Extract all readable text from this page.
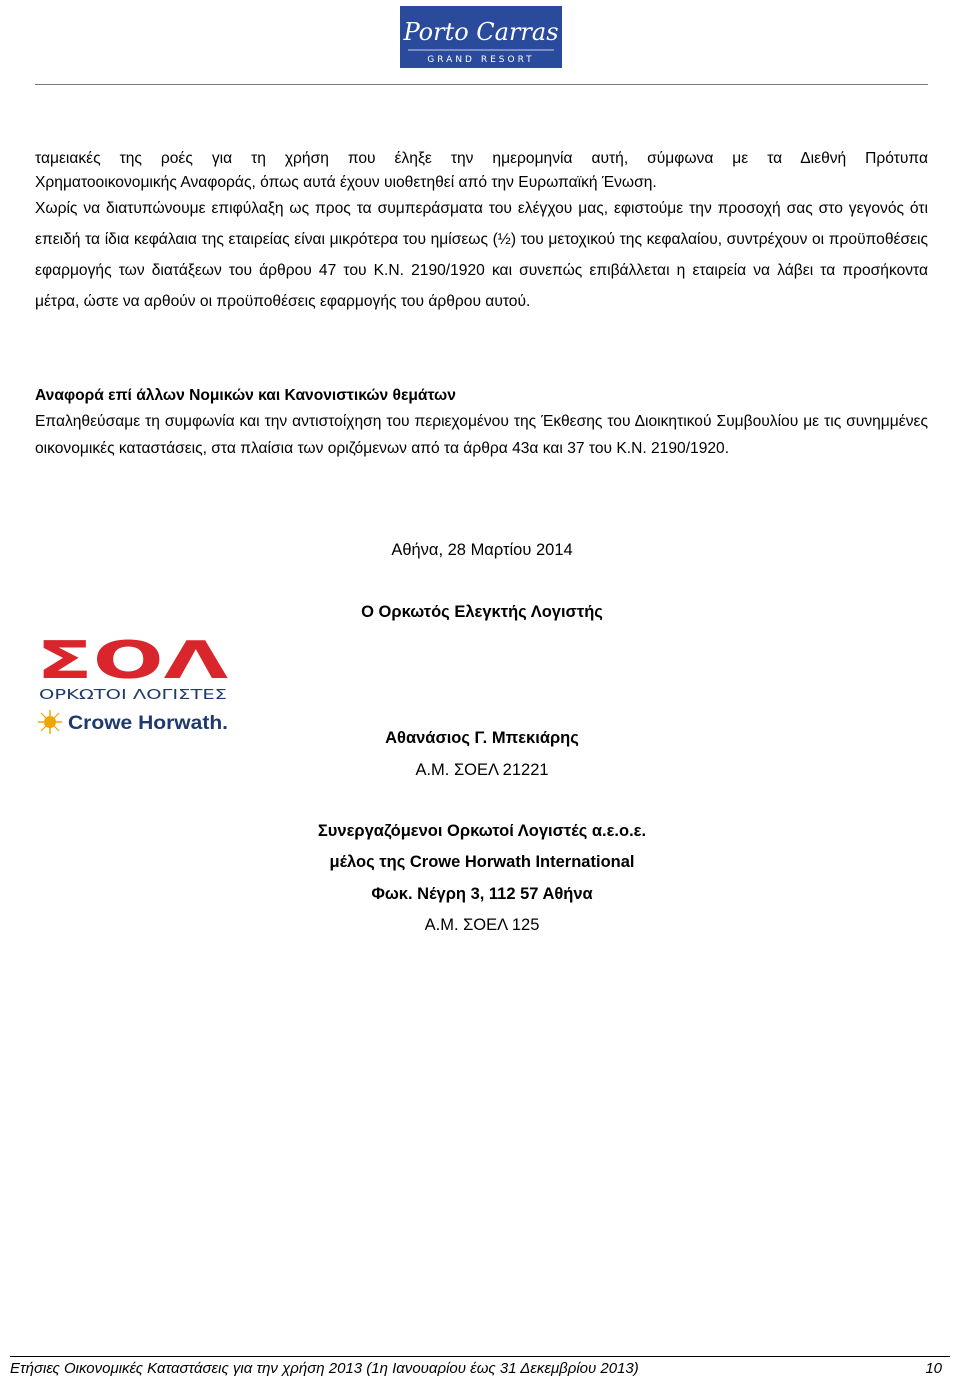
Porto Carras
GRAND RESORT
ταμειακές της ροές για τη χρήση που έληξε την ημερομηνία αυτή, σύμφωνα με τα Διεθνή Πρότυπα
Χρηματοοικονομικής Αναφοράς, όπως αυτά έχουν υιοθετηθεί από την Ευρωπαϊκή Ένωση.

Χωρίς να διατυπώνουμε επιφύλαξη ως προς τα συμπεράσματα του ελέγχου μας, εφιστούμε την προσοχή σας στο γεγονός ότι επειδή τα ίδια κεφάλαια της εταιρείας είναι μικρότερα του ημίσεως (½) του μετοχικού της κεφαλαίου, συντρέχουν οι προϋποθέσεις εφαρμογής των διατάξεων του άρθρου 47 του Κ.Ν. 2190/1920 και συνεπώς επιβάλλεται η εταιρεία να λάβει τα προσήκοντα μέτρα, ώστε να αρθούν οι προϋποθέσεις εφαρμογής του άρθρου αυτού.

Αναφορά επί άλλων Νομικών και Κανονιστικών θεμάτων

Επαληθεύσαμε τη συμφωνία και την αντιστοίχηση του περιεχομένου της Έκθεσης του Διοικητικού Συμβουλίου με τις συνημμένες οικονομικές καταστάσεις, στα πλαίσια των οριζόμενων από τα άρθρα 43α και 37 του Κ.Ν. 2190/1920.

Αθήνα, 28 Μαρτίου 2014
Ο Ορκωτός Ελεγκτής Λογιστής
ΣΟΛ
ΟΡΚΩΤΟΙ ΛΟΓΙΣΤΕΣ
Crowe Horwath.
Αθανάσιος Γ. Μπεκιάρης
Α.Μ. ΣΟΕΛ 21221
Συνεργαζόμενοι Ορκωτοί Λογιστές α.ε.ο.ε.
μέλος της Crowe Horwath International
Φωκ. Νέγρη 3, 112 57 Αθήνα
Α.Μ. ΣΟΕΛ 125
Ετήσιες Οικονομικές Καταστάσεις για την χρήση 2013 (1η Ιανουαρίου έως 31 Δεκεμβρίου 2013)	10
